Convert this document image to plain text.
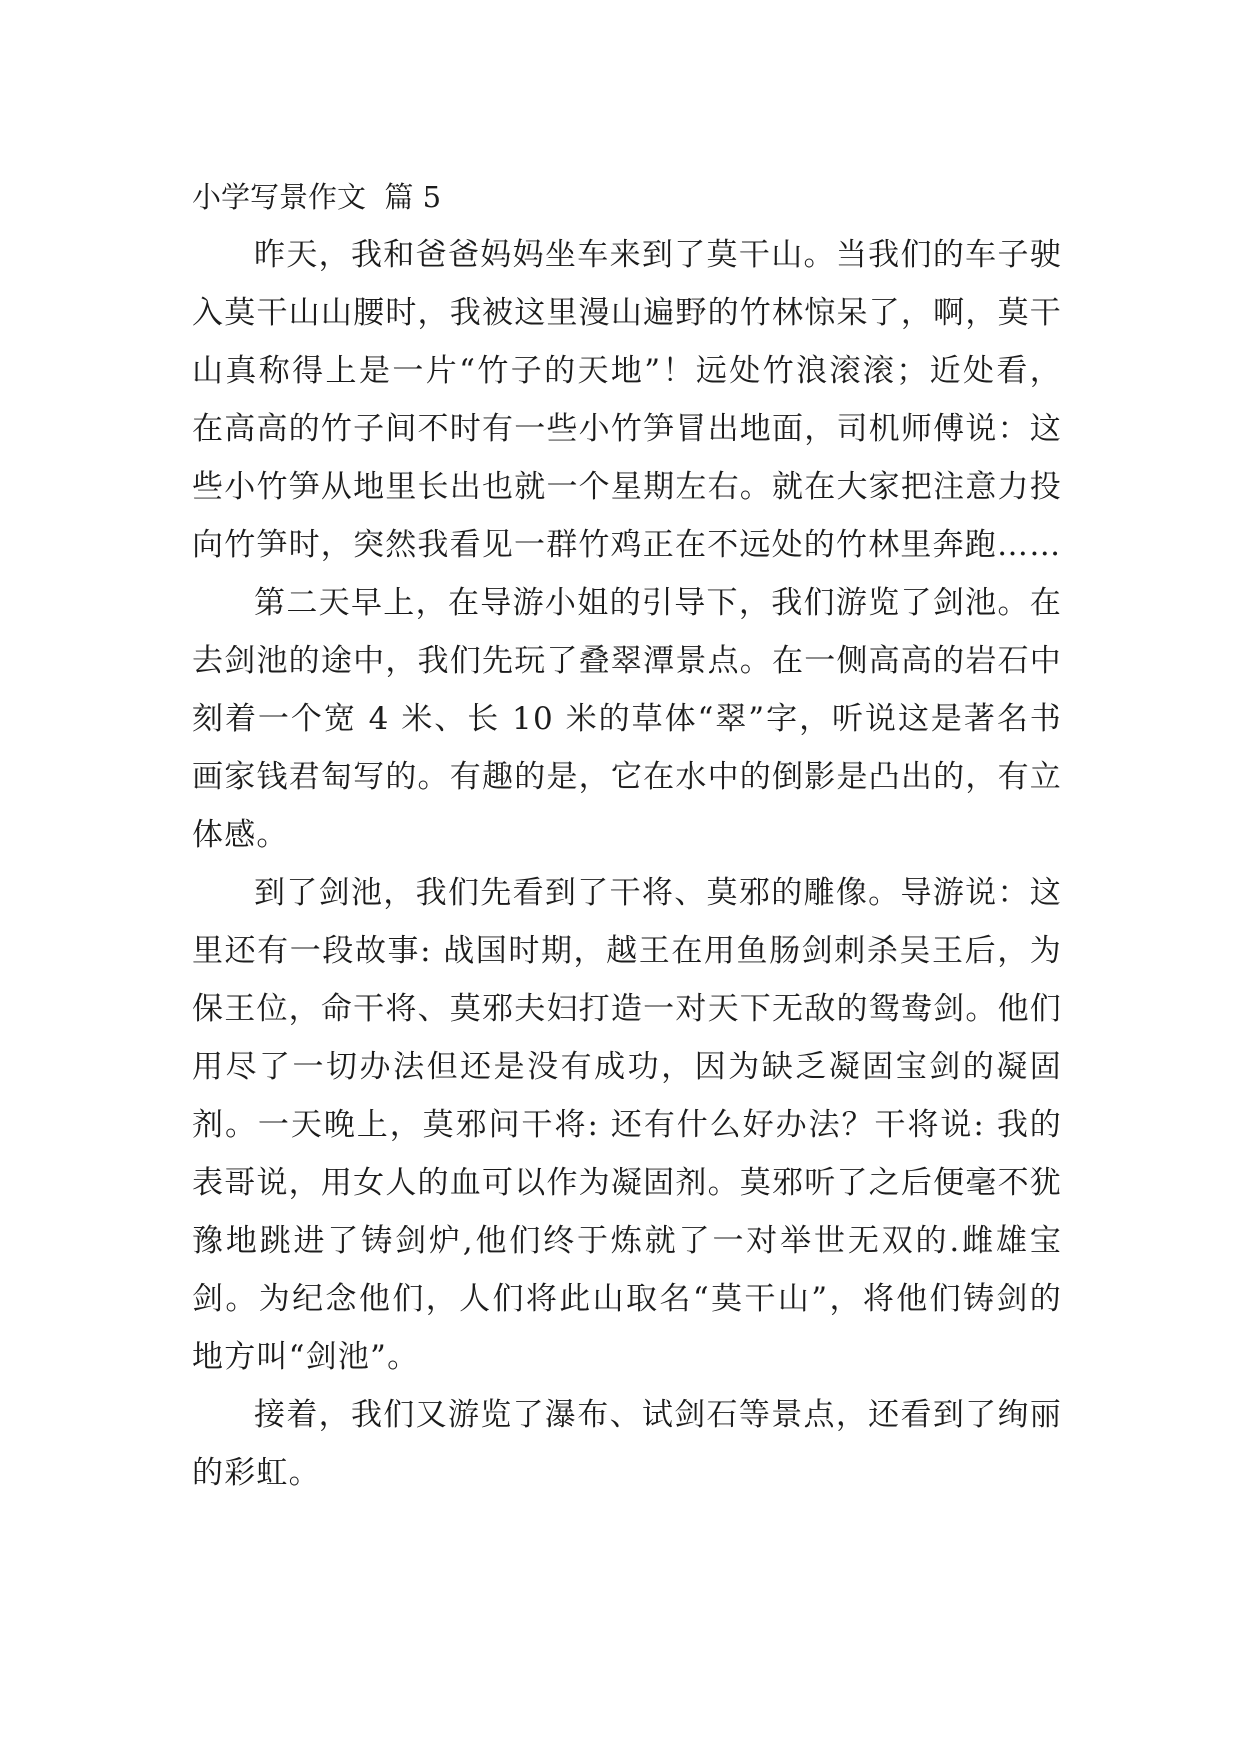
小学写景作文  篇 5

昨天，我和爸爸妈妈坐车来到了莫干山。当我们的车子驶入莫干山山腰时，我被这里漫山遍野的竹林惊呆了，啊，莫干山真称得上是一片“竹子的天地”！远处竹浪滚滚；近处看，在高高的竹子间不时有一些小竹笋冒出地面，司机师傅说：这些小竹笋从地里长出也就一个星期左右。就在大家把注意力投向竹笋时，突然我看见一群竹鸡正在不远处的竹林里奔跑……

第二天早上，在导游小姐的引导下，我们游览了剑池。在去剑池的途中，我们先玩了叠翠潭景点。在一侧高高的岩石中刻着一个宽 4 米、长 10 米的草体“翠”字，听说这是著名书画家钱君匋写的。有趣的是，它在水中的倒影是凸出的，有立体感。

到了剑池，我们先看到了干将、莫邪的雕像。导游说：这里还有一段故事: 战国时期，越王在用鱼肠剑刺杀吴王后，为保王位，命干将、莫邪夫妇打造一对天下无敌的鸳鸯剑。他们用尽了一切办法但还是没有成功，因为缺乏凝固宝剑的凝固剂。一天晚上，莫邪问干将: 还有什么好办法？干将说: 我的表哥说，用女人的血可以作为凝固剂。莫邪听了之后便毫不犹豫地跳进了铸剑炉,他们终于炼就了一对举世无双的.雌雄宝剑。为纪念他们，人们将此山取名“莫干山”，将他们铸剑的地方叫“剑池”。

接着，我们又游览了瀑布、试剑石等景点，还看到了绚丽的彩虹。
